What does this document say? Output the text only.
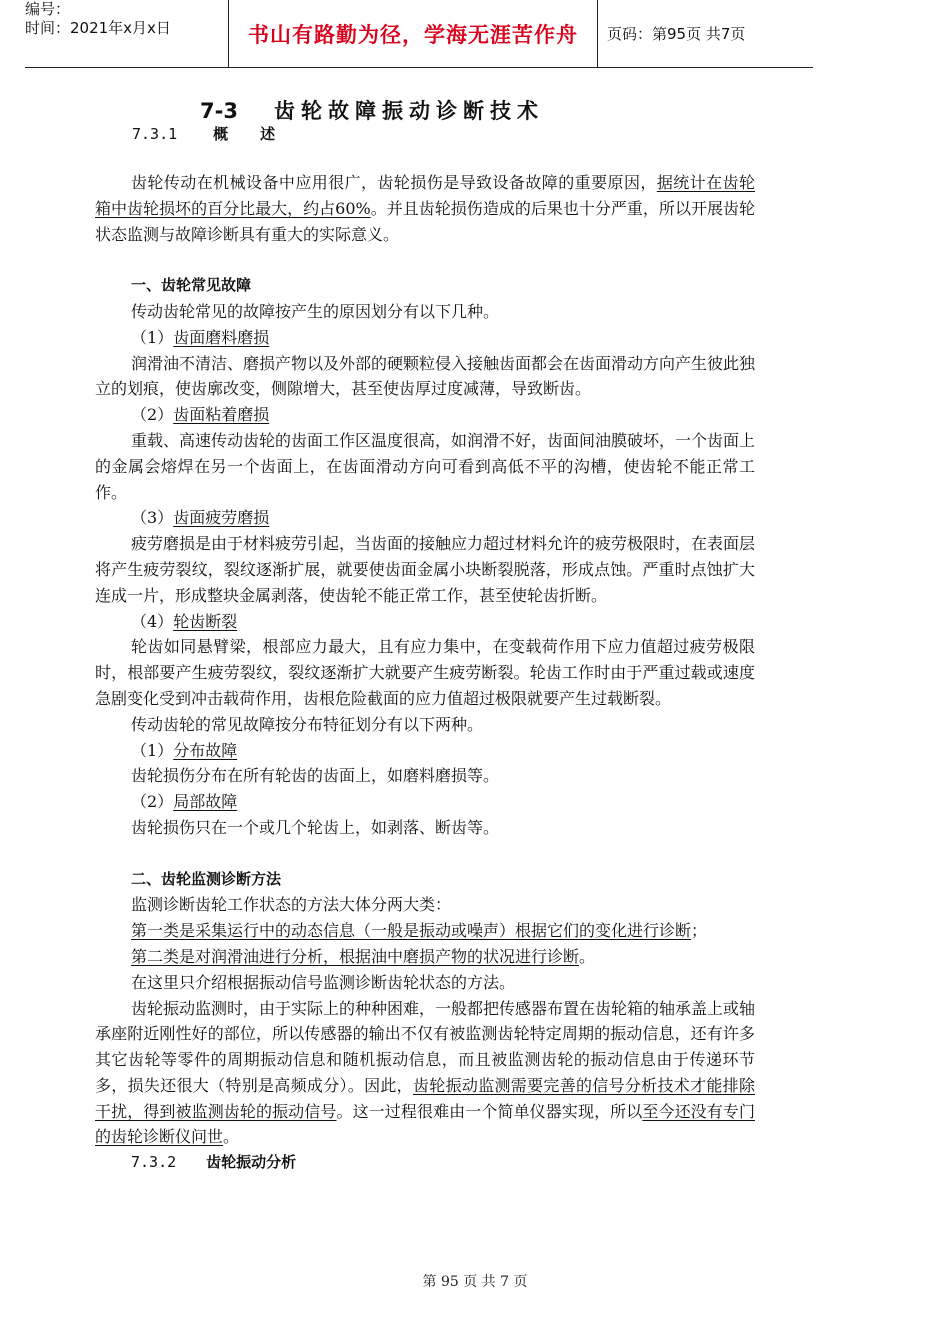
编号：
时间：2021年x月x日	书山有路勤为径，学海无涯苦作舟	页码：第95页 共7页
7-3 齿轮故障振动诊断技术
7.3.1 概述

齿轮传动在机械设备中应用很广，齿轮损伤是导致设备故障的重要原因，据统计在齿轮箱中齿轮损坏的百分比最大，约占60%。并且齿轮损伤造成的后果也十分严重，所以开展齿轮状态监测与故障诊断具有重大的实际意义。

一、齿轮常见故障

传动齿轮常见的故障按产生的原因划分有以下几种。

（1）齿面磨料磨损

润滑油不清洁、磨损产物以及外部的硬颗粒侵入接触齿面都会在齿面滑动方向产生彼此独立的划痕，使齿廓改变，侧隙增大，甚至使齿厚过度减薄，导致断齿。

（2）齿面粘着磨损

重载、高速传动齿轮的齿面工作区温度很高，如润滑不好，齿面间油膜破坏，一个齿面上的金属会熔焊在另一个齿面上，在齿面滑动方向可看到高低不平的沟槽，使齿轮不能正常工作。

（3）齿面疲劳磨损

疲劳磨损是由于材料疲劳引起，当齿面的接触应力超过材料允许的疲劳极限时，在表面层将产生疲劳裂纹，裂纹逐渐扩展，就要使齿面金属小块断裂脱落，形成点蚀。严重时点蚀扩大连成一片，形成整块金属剥落，使齿轮不能正常工作，甚至使轮齿折断。

（4）轮齿断裂

轮齿如同悬臂梁，根部应力最大，且有应力集中，在变载荷作用下应力值超过疲劳极限时，根部要产生疲劳裂纹，裂纹逐渐扩大就要产生疲劳断裂。轮齿工作时由于严重过载或速度急剧变化受到冲击载荷作用，齿根危险截面的应力值超过极限就要产生过载断裂。

传动齿轮的常见故障按分布特征划分有以下两种。

（1）分布故障

齿轮损伤分布在所有轮齿的齿面上，如磨料磨损等。

（2）局部故障

齿轮损伤只在一个或几个轮齿上，如剥落、断齿等。

二、齿轮监测诊断方法

监测诊断齿轮工作状态的方法大体分两大类：

第一类是采集运行中的动态信息（一般是振动或噪声）根据它们的变化进行诊断；

第二类是对润滑油进行分析，根据油中磨损产物的状况进行诊断。

在这里只介绍根据振动信号监测诊断齿轮状态的方法。

齿轮振动监测时，由于实际上的种种困难，一般都把传感器布置在齿轮箱的轴承盖上或轴承座附近刚性好的部位，所以传感器的输出不仅有被监测齿轮特定周期的振动信息，还有许多其它齿轮等零件的周期振动信息和随机振动信息，而且被监测齿轮的振动信息由于传递环节多，损失还很大（特别是高频成分）。因此，齿轮振动监测需要完善的信号分析技术才能排除干扰，得到被监测齿轮的振动信号。这一过程很难由一个简单仪器实现，所以至今还没有专门的齿轮诊断仪问世。

7.3.2 齿轮振动分析

第 95 页 共 7 页
